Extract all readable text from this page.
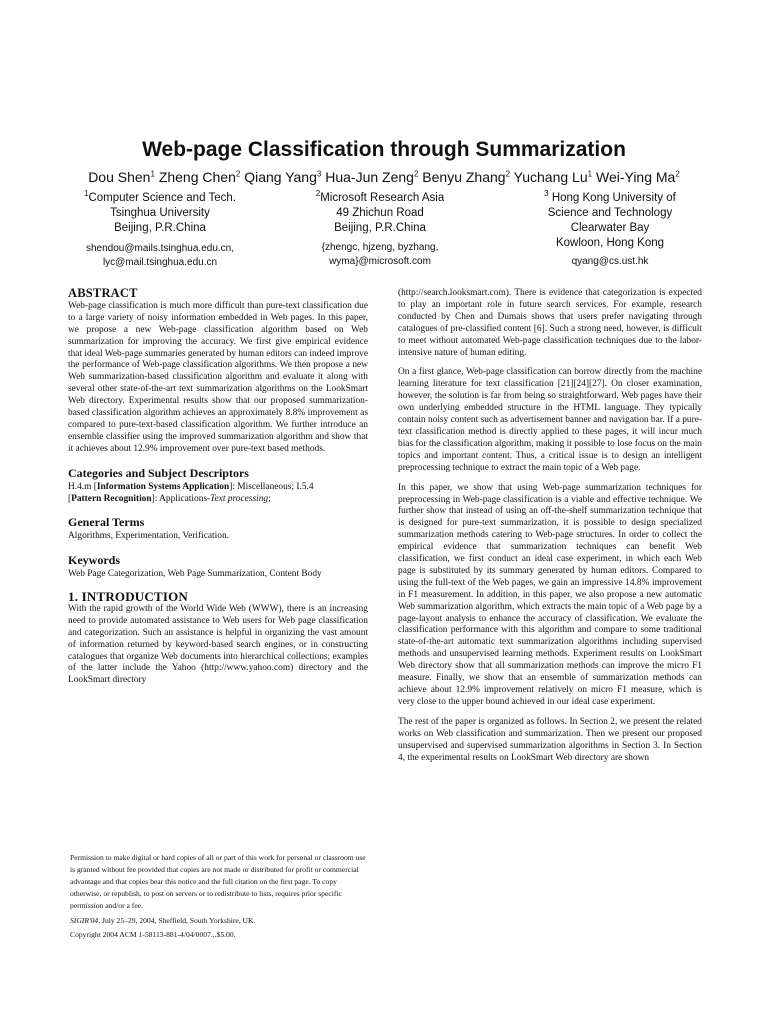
Web-page Classification through Summarization
Dou Shen$^1$ Zheng Chen$^2$ Qiang Yang$^3$ Hua-Jun Zeng$^2$ Benyu Zhang$^2$ Yuchang Lu$^1$ Wei-Ying Ma$^2$
$^1$Computer Science and Tech.
Tsinghua University
Beijing, P.R.China
shendou@mails.tsinghua.edu.cn,
lyc@mail.tsinghua.edu.cn
$^2$Microsoft Research Asia
49 Zhichun Road
Beijing, P.R.China
{zhengc, hjzeng, byzhang,
wyma}@microsoft.com
$^3$ Hong Kong University of
Science and Technology
Clearwater Bay
Kowloon, Hong Kong
qyang@cs.ust.hk
ABSTRACT

Web-page classification is much more difficult than pure-text classification due to a large variety of noisy information embedded in Web pages. In this paper, we propose a new Web-page classification algorithm based on Web summarization for improving the accuracy. We first give empirical evidence that ideal Web-page summaries generated by human editors can indeed improve the performance of Web-page classification algorithms. We then propose a new Web summarization-based classification algorithm and evaluate it along with several other state-of-the-art text summarization algorithms on the LookSmart Web directory. Experimental results show that our proposed summarization-based classification algorithm achieves an approximately 8.8% improvement as compared to pure-text-based classification algorithm. We further introduce an ensemble classifier using the improved summarization algorithm and show that it achieves about 12.9% improvement over pure-text based methods.

Categories and Subject Descriptors

H.4.m [Information Systems Application]: Miscellaneous; I.5.4
[Pattern Recognition]: Applications-Text processing;

General Terms

Algorithms, Experimentation, Verification.

Keywords

Web Page Categorization, Web Page Summarization, Content Body

1. INTRODUCTION

With the rapid growth of the World Wide Web (WWW), there is an increasing need to provide automated assistance to Web users for Web page classification and categorization. Such an assistance is helpful in organizing the vast amount of information returned by keyword-based search engines, or in constructing catalogues that organize Web documents into hierarchical collections; examples of the latter include the Yahoo (http://www.yahoo.com) directory and the LookSmart directory

Permission to make digital or hard copies of all or part of this work for personal or classroom use is granted without fee provided that copies are not made or distributed for profit or commercial advantage and that copies bear this notice and the full citation on the first page. To copy otherwise, or republish, to post on servers or to redistribute to lists, requires prior specific permission and/or a fee.

SIGIR'04, July 25–29, 2004, Sheffield, South Yorkshire, UK.

Copyright 2004 ACM 1-58113-881-4/04/0007...$5.00.

(http://search.looksmart.com). There is evidence that categorization is expected to play an important role in future search services. For example, research conducted by Chen and Dumais shows that users prefer navigating through catalogues of pre-classified content [6]. Such a strong need, however, is difficult to meet without automated Web-page classification techniques due to the labor-intensive nature of human editing.

On a first glance, Web-page classification can borrow directly from the machine learning literature for text classification [21][24][27]. On closer examination, however, the solution is far from being so straightforward. Web pages have their own underlying embedded structure in the HTML language. They typically contain noisy content such as advertisement banner and navigation bar. If a pure-text classification method is directly applied to these pages, it will incur much bias for the classification algorithm, making it possible to lose focus on the main topics and important content. Thus, a critical issue is to design an intelligent preprocessing technique to extract the main topic of a Web page.

In this paper, we show that using Web-page summarization techniques for preprocessing in Web-page classification is a viable and effective technique. We further show that instead of using an off-the-shelf summarization technique that is designed for pure-text summarization, it is possible to design specialized summarization methods catering to Web-page structures. In order to collect the empirical evidence that summarization techniques can benefit Web classification, we first conduct an ideal case experiment, in which each Web page is substituted by its summary generated by human editors. Compared to using the full-text of the Web pages, we gain an impressive 14.8% improvement in F1 measurement. In addition, in this paper, we also propose a new automatic Web summarization algorithm, which extracts the main topic of a Web page by a page-layout analysis to enhance the accuracy of classification. We evaluate the classification performance with this algorithm and compare to some traditional state-of-the-art automatic text summarization algorithms including supervised methods and unsupervised learning methods. Experiment results on LookSmart Web directory show that all summarization methods can improve the micro F1 measure. Finally, we show that an ensemble of summarization methods can achieve about 12.9% improvement relatively on micro F1 measure, which is very close to the upper bound achieved in our ideal case experiment.

The rest of the paper is organized as follows. In Section 2, we present the related works on Web classification and summarization. Then we present our proposed unsupervised and supervised summarization algorithms in Section 3. In Section 4, the experimental results on LookSmart Web directory are shown
